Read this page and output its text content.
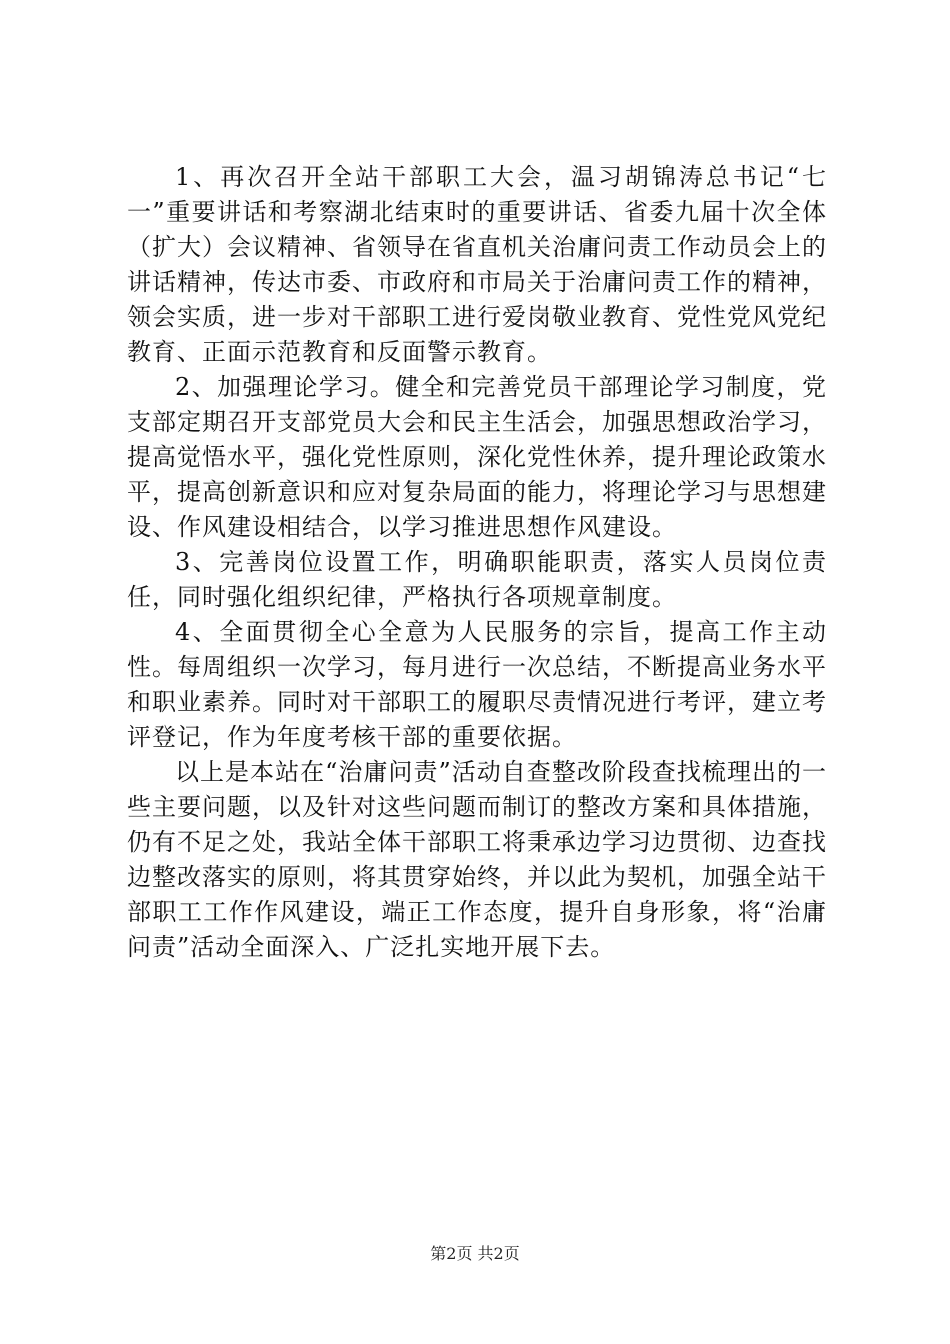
1、再次召开全站干部职工大会，温习胡锦涛总书记“七一”重要讲话和考察湖北结束时的重要讲话、省委九届十次全体（扩大）会议精神、省领导在省直机关治庸问责工作动员会上的讲话精神，传达市委、市政府和市局关于治庸问责工作的精神，领会实质，进一步对干部职工进行爱岗敬业教育、党性党风党纪教育、正面示范教育和反面警示教育。

2、加强理论学习。健全和完善党员干部理论学习制度，党支部定期召开支部党员大会和民主生活会，加强思想政治学习，提高觉悟水平，强化党性原则，深化党性休养，提升理论政策水平，提高创新意识和应对复杂局面的能力，将理论学习与思想建设、作风建设相结合，以学习推进思想作风建设。

3、完善岗位设置工作，明确职能职责，落实人员岗位责任，同时强化组织纪律，严格执行各项规章制度。

4、全面贯彻全心全意为人民服务的宗旨，提高工作主动性。每周组织一次学习，每月进行一次总结，不断提高业务水平和职业素养。同时对干部职工的履职尽责情况进行考评，建立考评登记，作为年度考核干部的重要依据。

以上是本站在“治庸问责”活动自查整改阶段查找梳理出的一些主要问题，以及针对这些问题而制订的整改方案和具体措施，仍有不足之处，我站全体干部职工将秉承边学习边贯彻、边查找边整改落实的原则，将其贯穿始终，并以此为契机，加强全站干部职工工作作风建设，端正工作态度，提升自身形象，将“治庸问责”活动全面深入、广泛扎实地开展下去。

第2页 共2页
